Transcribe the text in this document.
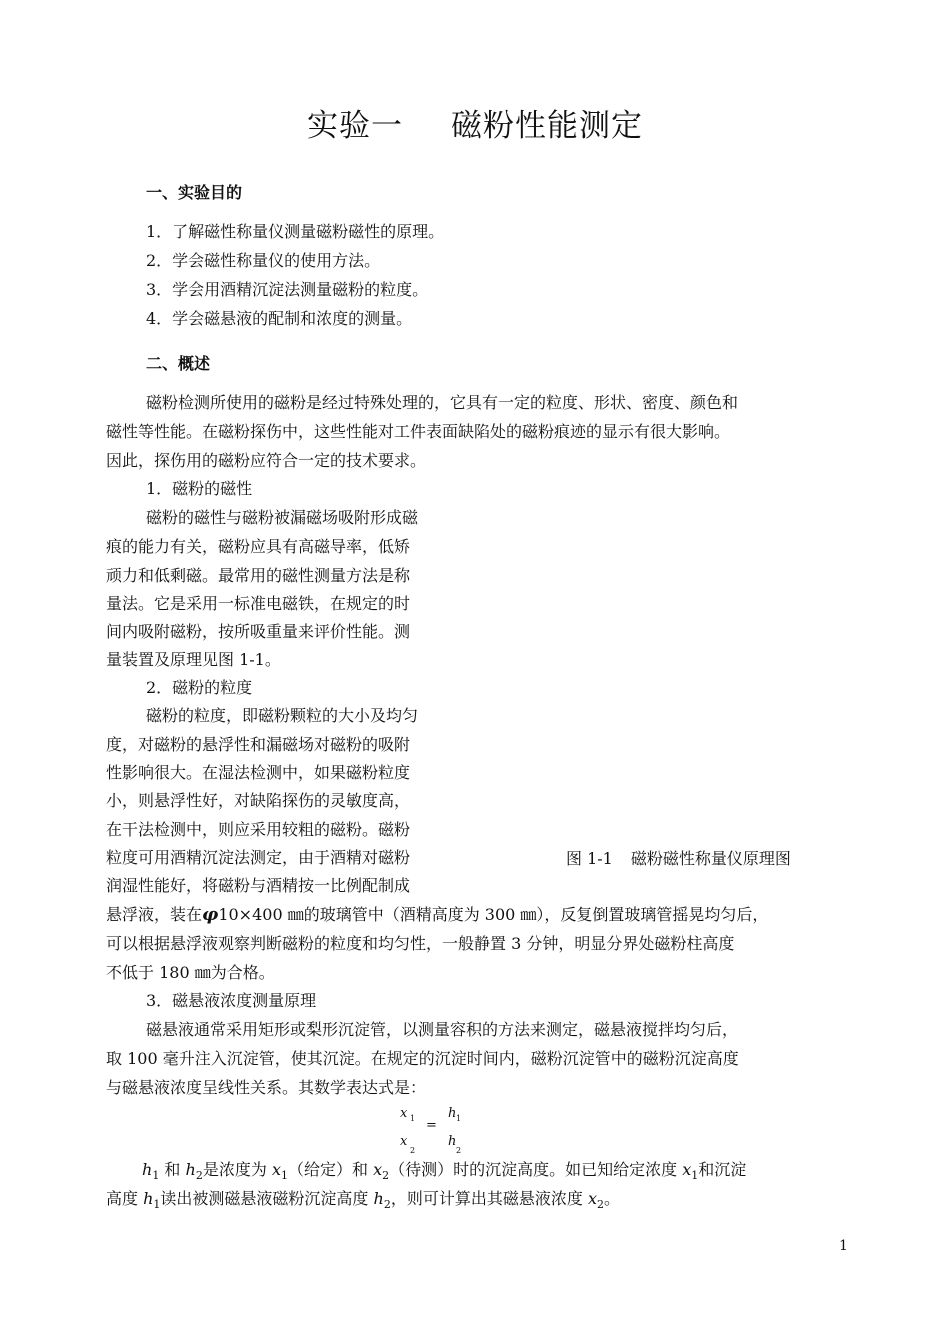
实验一 磁粉性能测定
一、实验目的
1．了解磁性称量仪测量磁粉磁性的原理。
2．学会磁性称量仪的使用方法。
3．学会用酒精沉淀法测量磁粉的粒度。
4．学会磁悬液的配制和浓度的测量。
二、概述
磁粉检测所使用的磁粉是经过特殊处理的，它具有一定的粒度、形状、密度、颜色和
磁性等性能。在磁粉探伤中，这些性能对工件表面缺陷处的磁粉痕迹的显示有很大影响。
因此，探伤用的磁粉应符合一定的技术要求。
1．磁粉的磁性
磁粉的磁性与磁粉被漏磁场吸附形成磁
痕的能力有关，磁粉应具有高磁导率，低矫
顽力和低剩磁。最常用的磁性测量方法是称
量法。它是采用一标准电磁铁，在规定的时
间内吸附磁粉，按所吸重量来评价性能。测
量装置及原理见图 1-1。
2．磁粉的粒度
磁粉的粒度，即磁粉颗粒的大小及均匀
度，对磁粉的悬浮性和漏磁场对磁粉的吸附
性影响很大。在湿法检测中，如果磁粉粒度
小，则悬浮性好，对缺陷探伤的灵敏度高，
在干法检测中，则应采用较粗的磁粉。磁粉
粒度可用酒精沉淀法测定，由于酒精对磁粉
润湿性能好，将磁粉与酒精按一比例配制成
图 1-1 磁粉磁性称量仪原理图
悬浮液，装在φ10×400 ㎜的玻璃管中（酒精高度为 300 ㎜），反复倒置玻璃管摇晃均匀后，
可以根据悬浮液观察判断磁粉的粒度和均匀性，一般静置 3 分钟，明显分界处磁粉柱高度
不低于 180 ㎜为合格。
3．磁悬液浓度测量原理
磁悬液通常采用矩形或梨形沉淀管，以测量容积的方法来测定，磁悬液搅拌均匀后，
取 100 毫升注入沉淀管，使其沉淀。在规定的沉淀时间内，磁粉沉淀管中的磁粉沉淀高度
与磁悬液浓度呈线性关系。其数学表达式是：
x 1 =
h 1
x
2
h
2
$h_1$ 和 $h_2$是浓度为 $x_1$（给定）和 $x_2$（待测）时的沉淀高度。如已知给定浓度 $x_1$和沉淀
高度 $h_1$读出被测磁悬液磁粉沉淀高度 $h_2$，则可计算出其磁悬液浓度 $x_2$。
1
